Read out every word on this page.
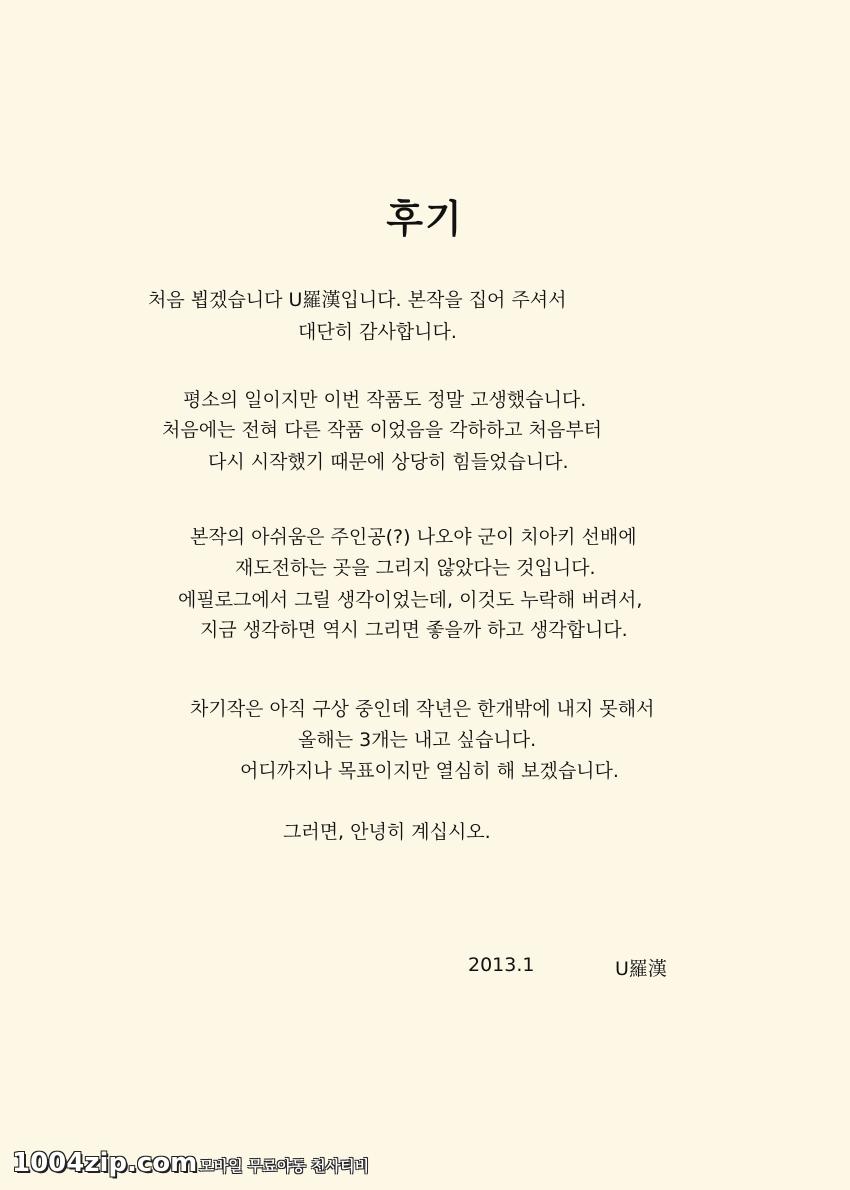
후기
처음 뵙겠습니다 U羅漢입니다. 본작을 집어 주셔서
대단히 감사합니다.
평소의 일이지만 이번 작품도 정말 고생했습니다.
처음에는 전혀 다른 작품 이었음을 각하하고 처음부터
다시 시작했기 때문에 상당히 힘들었습니다.
본작의 아쉬움은 주인공(?) 나오야 군이 치아키 선배에
재도전하는 곳을 그리지 않았다는 것입니다.
에필로그에서 그릴 생각이었는데, 이것도 누락해 버려서,
지금 생각하면 역시 그리면 좋을까 하고 생각합니다.
차기작은 아직 구상 중인데 작년은 한개밖에 내지 못해서
올해는 3개는 내고 싶습니다.
어디까지나 목표이지만 열심히 해 보겠습니다.
그러면, 안녕히 계십시오.
2013.1	U羅漢
1004zip.com 모바일 무료야동 천사티비
